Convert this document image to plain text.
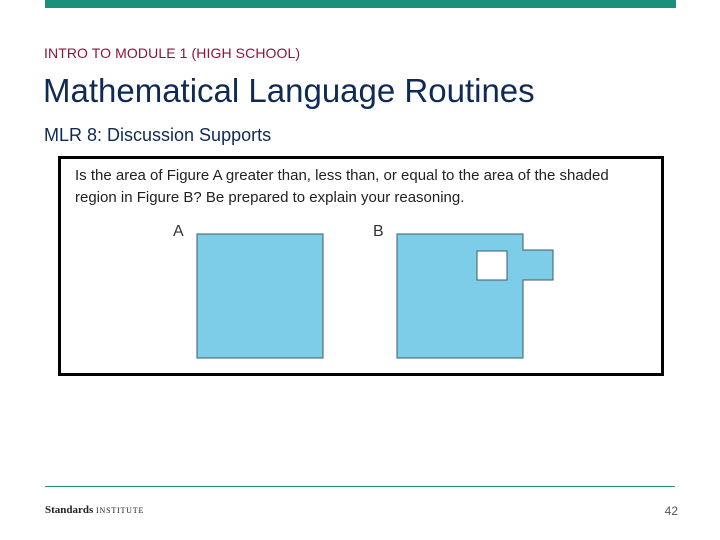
INTRO TO MODULE 1 (HIGH SCHOOL)
Mathematical Language Routines
MLR 8: Discussion Supports
Is the area of Figure A greater than, less than, or equal to the area of the shaded region in Figure B? Be prepared to explain your reasoning.
A	B
Standards INSTITUTE	42
